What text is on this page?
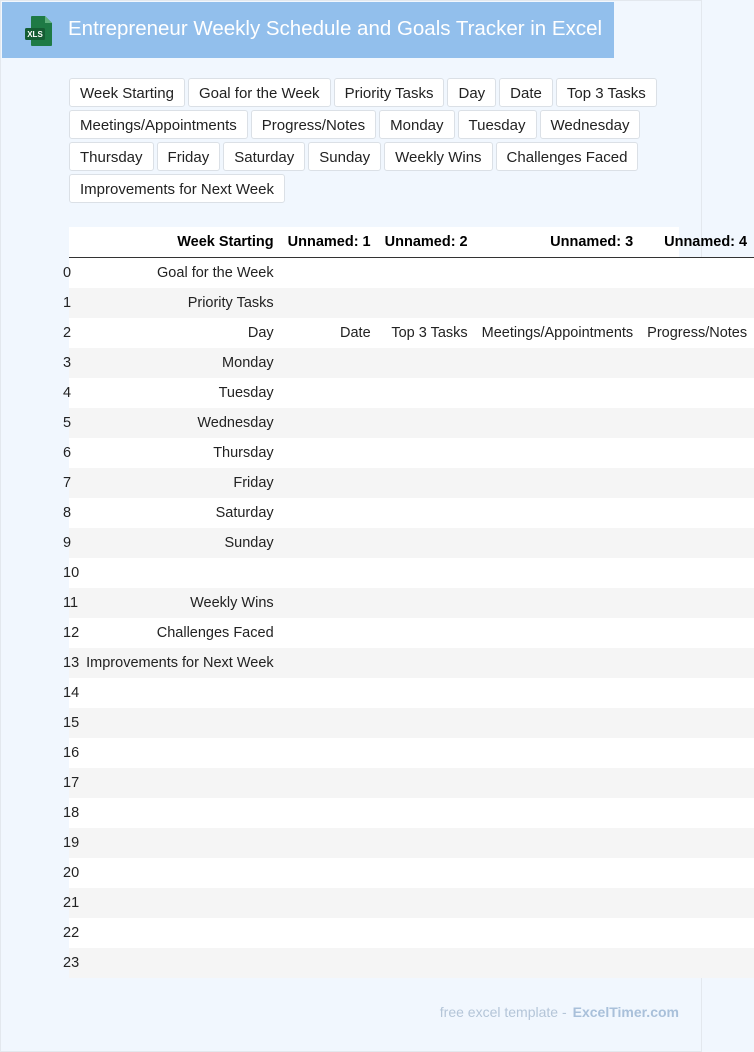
XLS Entrepreneur Weekly Schedule and Goals Tracker in Excel
Week Starting	Goal for the Week	Priority Tasks	Day	Date	Top 3 Tasks
Meetings/Appointments	Progress/Notes	Monday	Tuesday	Wednesday
Thursday	Friday	Saturday	Sunday	Weekly Wins	Challenges Faced
Improvements for Next Week
	Week Starting	Unnamed: 1	Unnamed: 2	Unnamed: 3	Unnamed: 4
0	Goal for the Week				
1	Priority Tasks				
2	Day	Date	Top 3 Tasks	Meetings/Appointments	Progress/Notes
3	Monday				
4	Tuesday				
5	Wednesday				
6	Thursday				
7	Friday				
8	Saturday				
9	Sunday				
10					
11	Weekly Wins				
12	Challenges Faced				
13	Improvements for Next Week				
14					
15					
16					
17					
18					
19					
20					
21					
22					
23					
free excel template - ExcelTimer.com
